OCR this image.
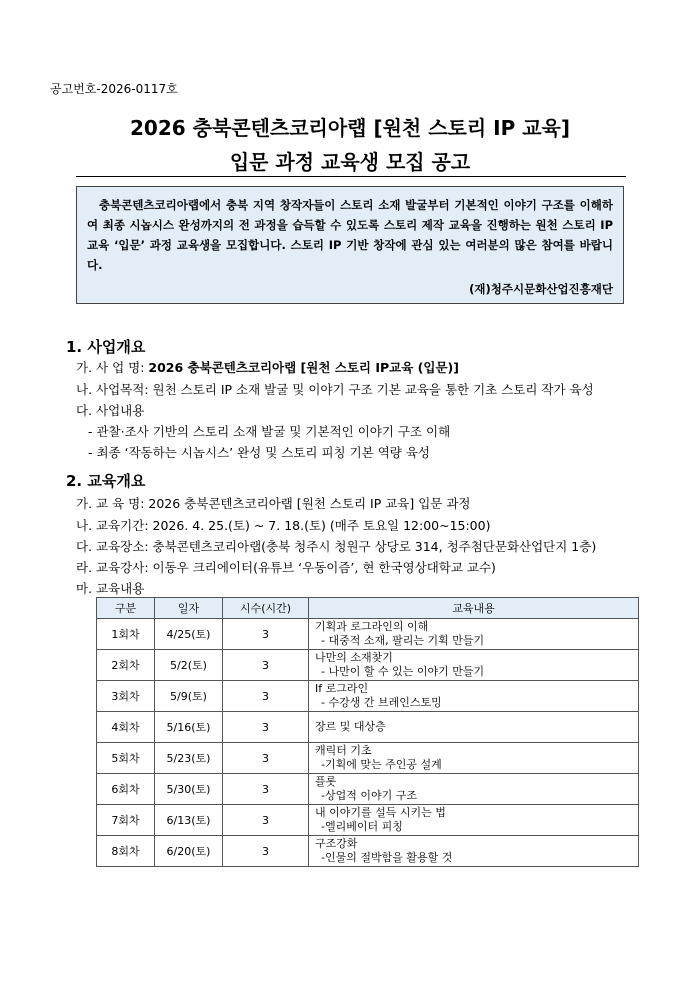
공고번호-2026-0117호
2026 충북콘텐츠코리아랩 [원천 스토리 IP 교육]
입문 과정 교육생 모집 공고

충북콘텐츠코리아랩에서 충북 지역 창작자들이 스토리 소재 발굴부터 기본적인 이야기 구조를 이해하여 최종 시놉시스 완성까지의 전 과정을 습득할 수 있도록 스토리 제작 교육을 진행하는 원천 스토리 IP 교육 ‘입문’ 과정 교육생을 모집합니다. 스토리 IP 기반 창작에 관심 있는 여러분의 많은 참여를 바랍니다.

(재)청주시문화산업진흥재단
1. 사업개요
가. 사 업 명: 2026 충북콘텐츠코리아랩 [원천 스토리 IP교육 (입문)]
나. 사업목적: 원천 스토리 IP 소재 발굴 및 이야기 구조 기본 교육을 통한 기초 스토리 작가 육성
다. 사업내용
- 관찰·조사 기반의 스토리 소재 발굴 및 기본적인 이야기 구조 이해
- 최종 ‘작동하는 시놉시스’ 완성 및 스토리 피칭 기본 역량 육성
2. 교육개요
가. 교 육 명: 2026 충북콘텐츠코리아랩 [원천 스토리 IP 교육] 입문 과정
나. 교육기간: 2026. 4. 25.(토) ~ 7. 18.(토) (매주 토요일 12:00~15:00)
다. 교육장소: 충북콘텐츠코리아랩(충북 청주시 청원구 상당로 314, 청주첨단문화산업단지 1층)
라. 교육강사: 이동우 크리에이터(유튜브 ‘우동이즘’, 현 한국영상대학교 교수)
마. 교육내용
구분	일자	시수(시간)	교육내용
1회차	4/25(토)	3	기획과 로그라인의 이해
- 대중적 소재, 팔리는 기획 만들기

2회차	5/2(토)	3	나만의 소재찾기
- 나만이 할 수 있는 이야기 만들기

3회차	5/9(토)	3	If 로그라인
- 수강생 간 브레인스토밍

4회차	5/16(토)	3	장르 및 대상층

5회차	5/23(토)	3	캐릭터 기초
-기획에 맞는 주인공 설계

6회차	5/30(토)	3	플롯
-상업적 이야기 구조

7회차	6/13(토)	3	내 이야기를 설득 시키는 법
-엘리베이터 피칭

8회차	6/20(토)	3	구조강화
-인물의 절박함을 활용할 것
